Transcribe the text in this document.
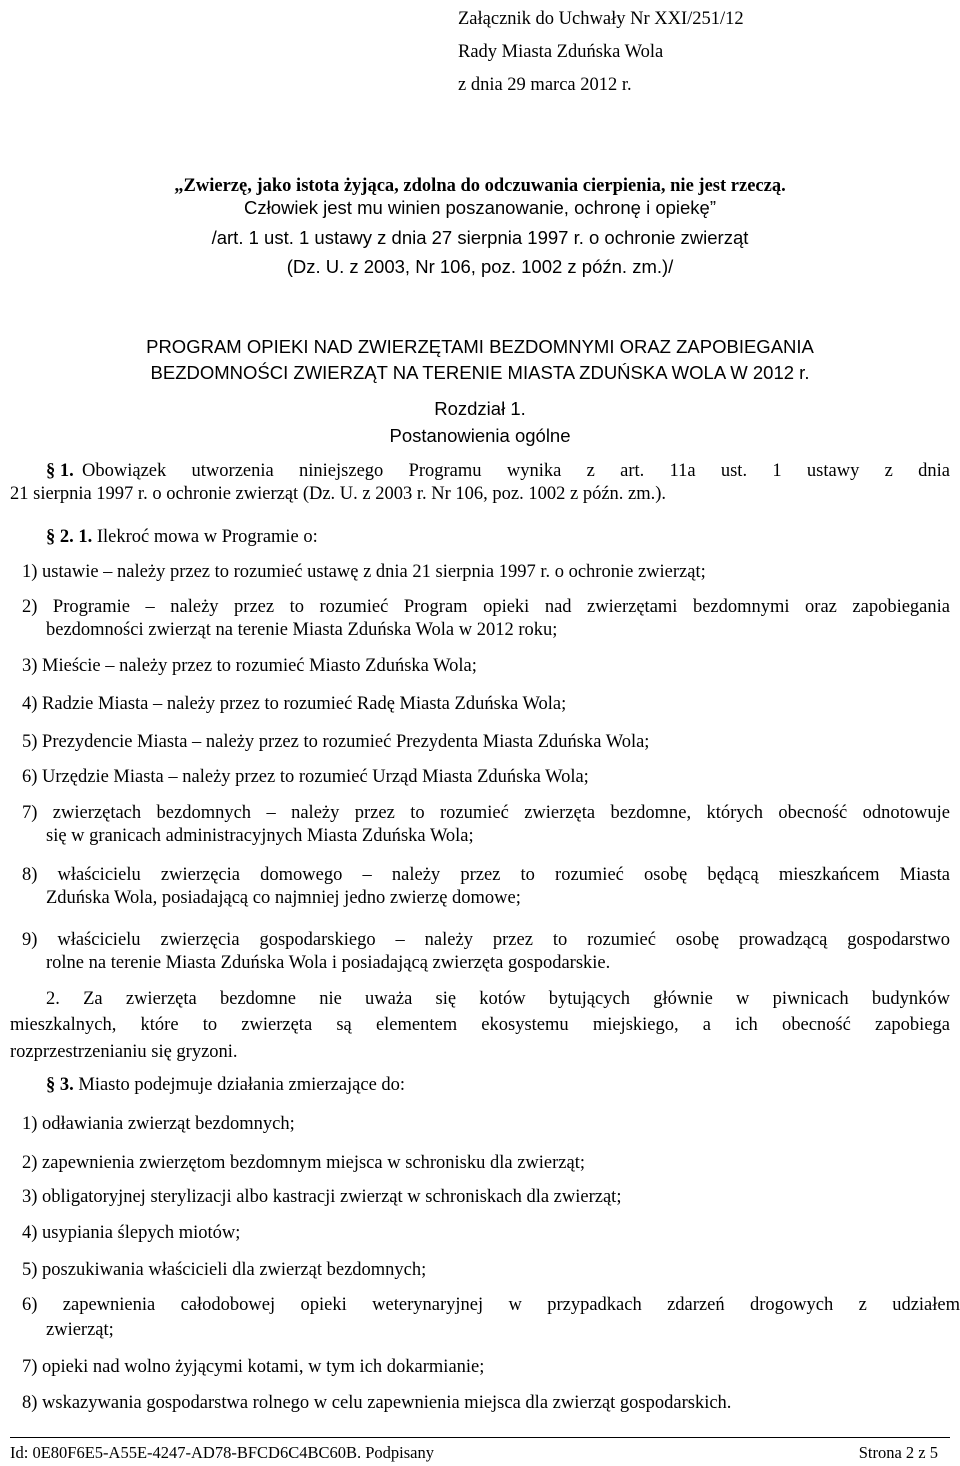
Załącznik do Uchwały Nr XXI/251/12
Rady Miasta Zduńska Wola
z dnia 29 marca 2012 r.
„Zwierzę, jako istota żyjąca, zdolna do odczuwania cierpienia, nie jest rzeczą.
Człowiek jest mu winien poszanowanie, ochronę i opiekę”
/art. 1 ust. 1 ustawy z dnia 27 sierpnia 1997 r. o ochronie zwierząt
(Dz. U. z 2003, Nr 106, poz. 1002 z późn. zm.)/
PROGRAM OPIEKI NAD ZWIERZĘTAMI BEZDOMNYMI ORAZ ZAPOBIEGANIA
BEZDOMNOŚCI ZWIERZĄT NA TERENIE MIASTA ZDUŃSKA WOLA W 2012 r.
Rozdział 1.
Postanowienia ogólne
§ 1. Obowiązek utworzenia niniejszego Programu wynika z art. 11a ust. 1 ustawy z dnia
21 sierpnia 1997 r. o ochronie zwierząt (Dz. U. z 2003 r. Nr 106, poz. 1002 z późn. zm.).
§ 2. 1. Ilekroć mowa w Programie o:
1) ustawie – należy przez to rozumieć ustawę z dnia 21 sierpnia 1997 r. o ochronie zwierząt;
2) Programie – należy przez to rozumieć Program opieki nad zwierzętami bezdomnymi oraz zapobiegania
bezdomności zwierząt na terenie Miasta Zduńska Wola w 2012 roku;
3) Mieście – należy przez to rozumieć Miasto Zduńska Wola;
4) Radzie Miasta – należy przez to rozumieć Radę Miasta Zduńska Wola;
5) Prezydencie Miasta – należy przez to rozumieć Prezydenta Miasta Zduńska Wola;
6) Urzędzie Miasta – należy przez to rozumieć Urząd Miasta Zduńska Wola;
7) zwierzętach bezdomnych – należy przez to rozumieć zwierzęta bezdomne, których obecność odnotowuje
się w granicach administracyjnych Miasta Zduńska Wola;
8) właścicielu zwierzęcia domowego – należy przez to rozumieć osobę będącą mieszkańcem Miasta
Zduńska Wola, posiadającą co najmniej jedno zwierzę domowe;
9) właścicielu zwierzęcia gospodarskiego – należy przez to rozumieć osobę prowadzącą gospodarstwo
rolne na terenie Miasta Zduńska Wola i posiadającą zwierzęta gospodarskie.
2. Za zwierzęta bezdomne nie uważa się kotów bytujących głównie w piwnicach budynków
mieszkalnych, które to zwierzęta są elementem ekosystemu miejskiego, a ich obecność zapobiega
rozprzestrzenianiu się gryzoni.
§ 3. Miasto podejmuje działania zmierzające do:
1) odławiania zwierząt bezdomnych;
2) zapewnienia zwierzętom bezdomnym miejsca w schronisku dla zwierząt;
3) obligatoryjnej sterylizacji albo kastracji zwierząt w schroniskach dla zwierząt;
4) usypiania ślepych miotów;
5) poszukiwania właścicieli dla zwierząt bezdomnych;
6) zapewnienia całodobowej opieki weterynaryjnej w przypadkach zdarzeń drogowych z udziałem
zwierząt;
7) opieki nad wolno żyjącymi kotami, w tym ich dokarmianie;
8) wskazywania gospodarstwa rolnego w celu zapewnienia miejsca dla zwierząt gospodarskich.
Id: 0E80F6E5-A55E-4247-AD78-BFCD6C4BC60B. Podpisany	Strona 2 z 5
